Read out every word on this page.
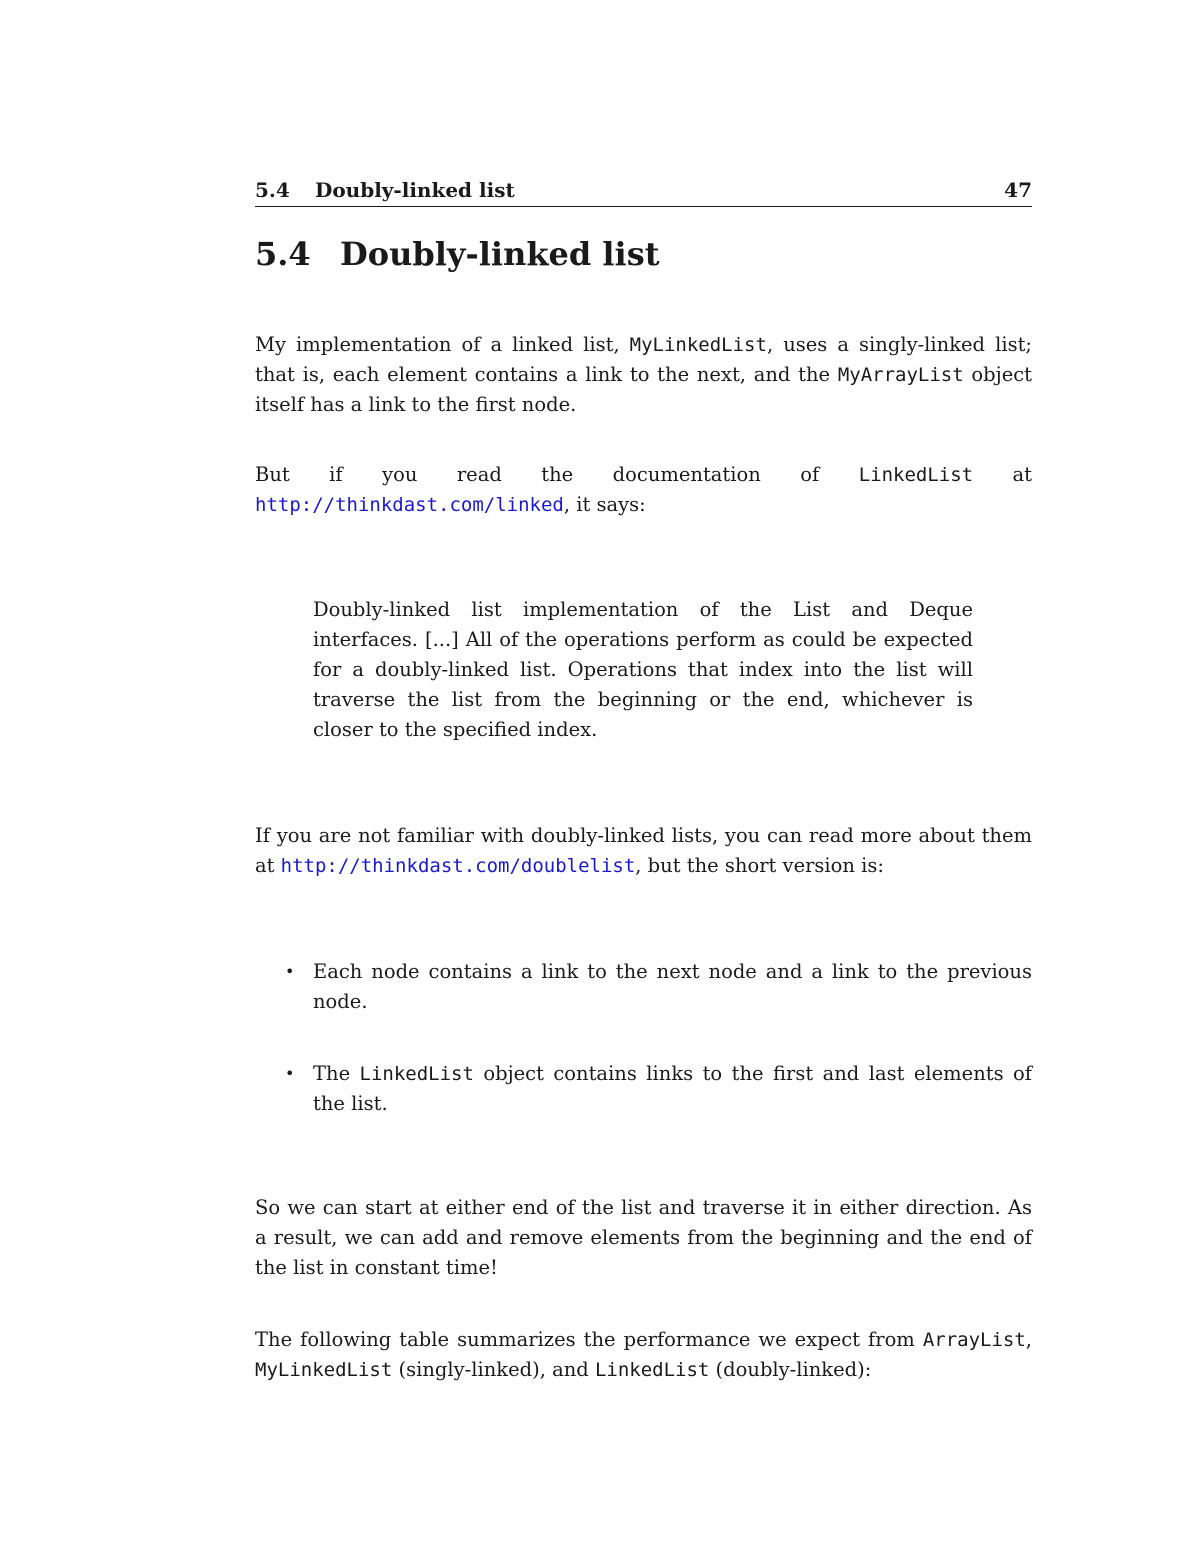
5.4 Doubly-linked list	47
5.4 Doubly-linked list

My implementation of a linked list, MyLinkedList, uses a singly-linked list; that is, each element contains a link to the next, and the MyArrayList object itself has a link to the first node.

But if you read the documentation of LinkedList at http://thinkdast.com/linked, it says:

Doubly-linked list implementation of the List and Deque interfaces. [...] All of the operations perform as could be expected for a doubly-linked list. Operations that index into the list will traverse the list from the beginning or the end, whichever is closer to the specified index.

If you are not familiar with doubly-linked lists, you can read more about them at http://thinkdast.com/doublelist, but the short version is:

• Each node contains a link to the next node and a link to the previous node.
• The LinkedList object contains links to the first and last elements of the list.

So we can start at either end of the list and traverse it in either direction. As a result, we can add and remove elements from the beginning and the end of the list in constant time!

The following table summarizes the performance we expect from ArrayList, MyLinkedList (singly-linked), and LinkedList (doubly-linked):
